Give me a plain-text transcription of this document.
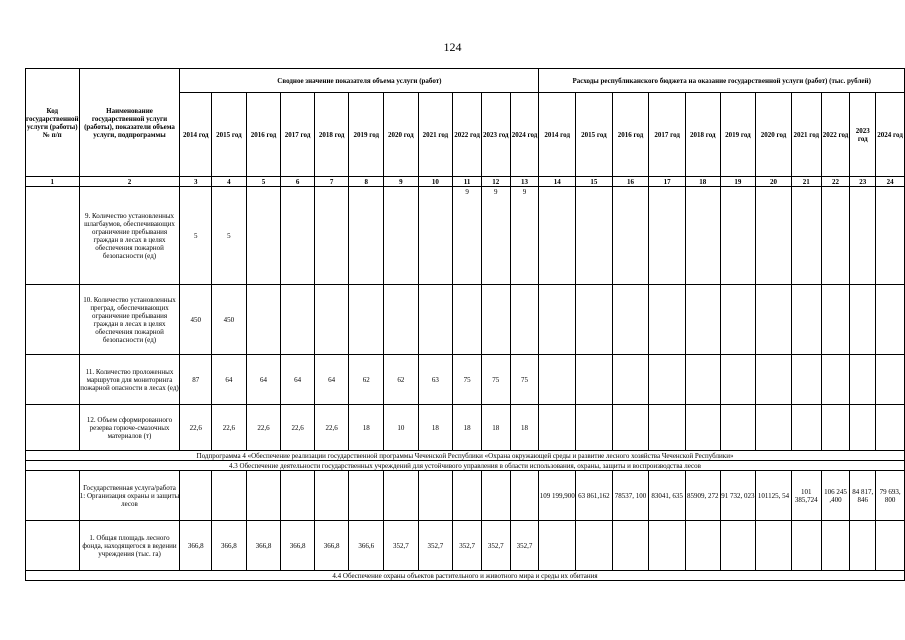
124
Код государственной услуги (работы) № п/п	Наименование государственной услуги (работы), показатели объема услуги, подпрограммы	Сводное значение показателя объема услуги (работ)											Расходы республиканского бюджета на оказание государственной услуги (работ) (тыс. рублей)										
		2014 год	2015 год	2016 год	2017 год	2018 год	2019 год	2020 год	2021 год	2022 год	2023 год	2024 год	2014 год	2015 год	2016 год	2017 год	2018 год	2019 год	2020 год	2021 год	2022 год	2023 год	2024 год
1	2	3	4	5	6	7	8	9	10	11	12	13	14	15	16	17	18	19	20	21	22	23	24
	9. Количество установленных шлагбаумов, обеспечивающих ограничение пребывания граждан в лесах в целях обеспечения пожарной безопасности (ед)	5	5							9	9	9											
	10. Количество установленных преград, обеспечивающих ограничение пребывания граждан в лесах в целях обеспечения пожарной безопасности (ед)	450	450																				
	11. Количество проложенных маршрутов для мониторинга пожарной опасности в лесах (ед)	87	64	64	64	64	62	62	63	75	75	75											
	12. Объем сформированного резерва горюче-смазочных материалов (т)	22,6	22,6	22,6	22,6	22,6	18	10	18	18	18	18											
Подпрограмма 4 «Обеспечение реализации государственной программы Чеченской Республики «Охрана окружающей среды и развитие лесного хозяйства Чеченской Республики»																							
4.3 Обеспечение деятельности государственных учреждений для устойчивого управления в области использования, охраны, защиты и воспроизводства лесов																							
	Государственная услуга/работа 1: Организация охраны и защиты лесов												109 199,900	63 861,162	78537, 100	83041, 635	85909, 272	91 732, 023	101125, 54	101 385,724	106 245 ,400	84 817, 846	79 693, 800
	1. Общая площадь лесного фонда, находящегося в ведении учреждения (тыс. га)	366,8	366,8	366,8	366,8	366,8	366,6	352,7	352,7	352,7	352,7	352,7											
4.4 Обеспечение охраны объектов растительного и животного мира и среды их обитания																							
